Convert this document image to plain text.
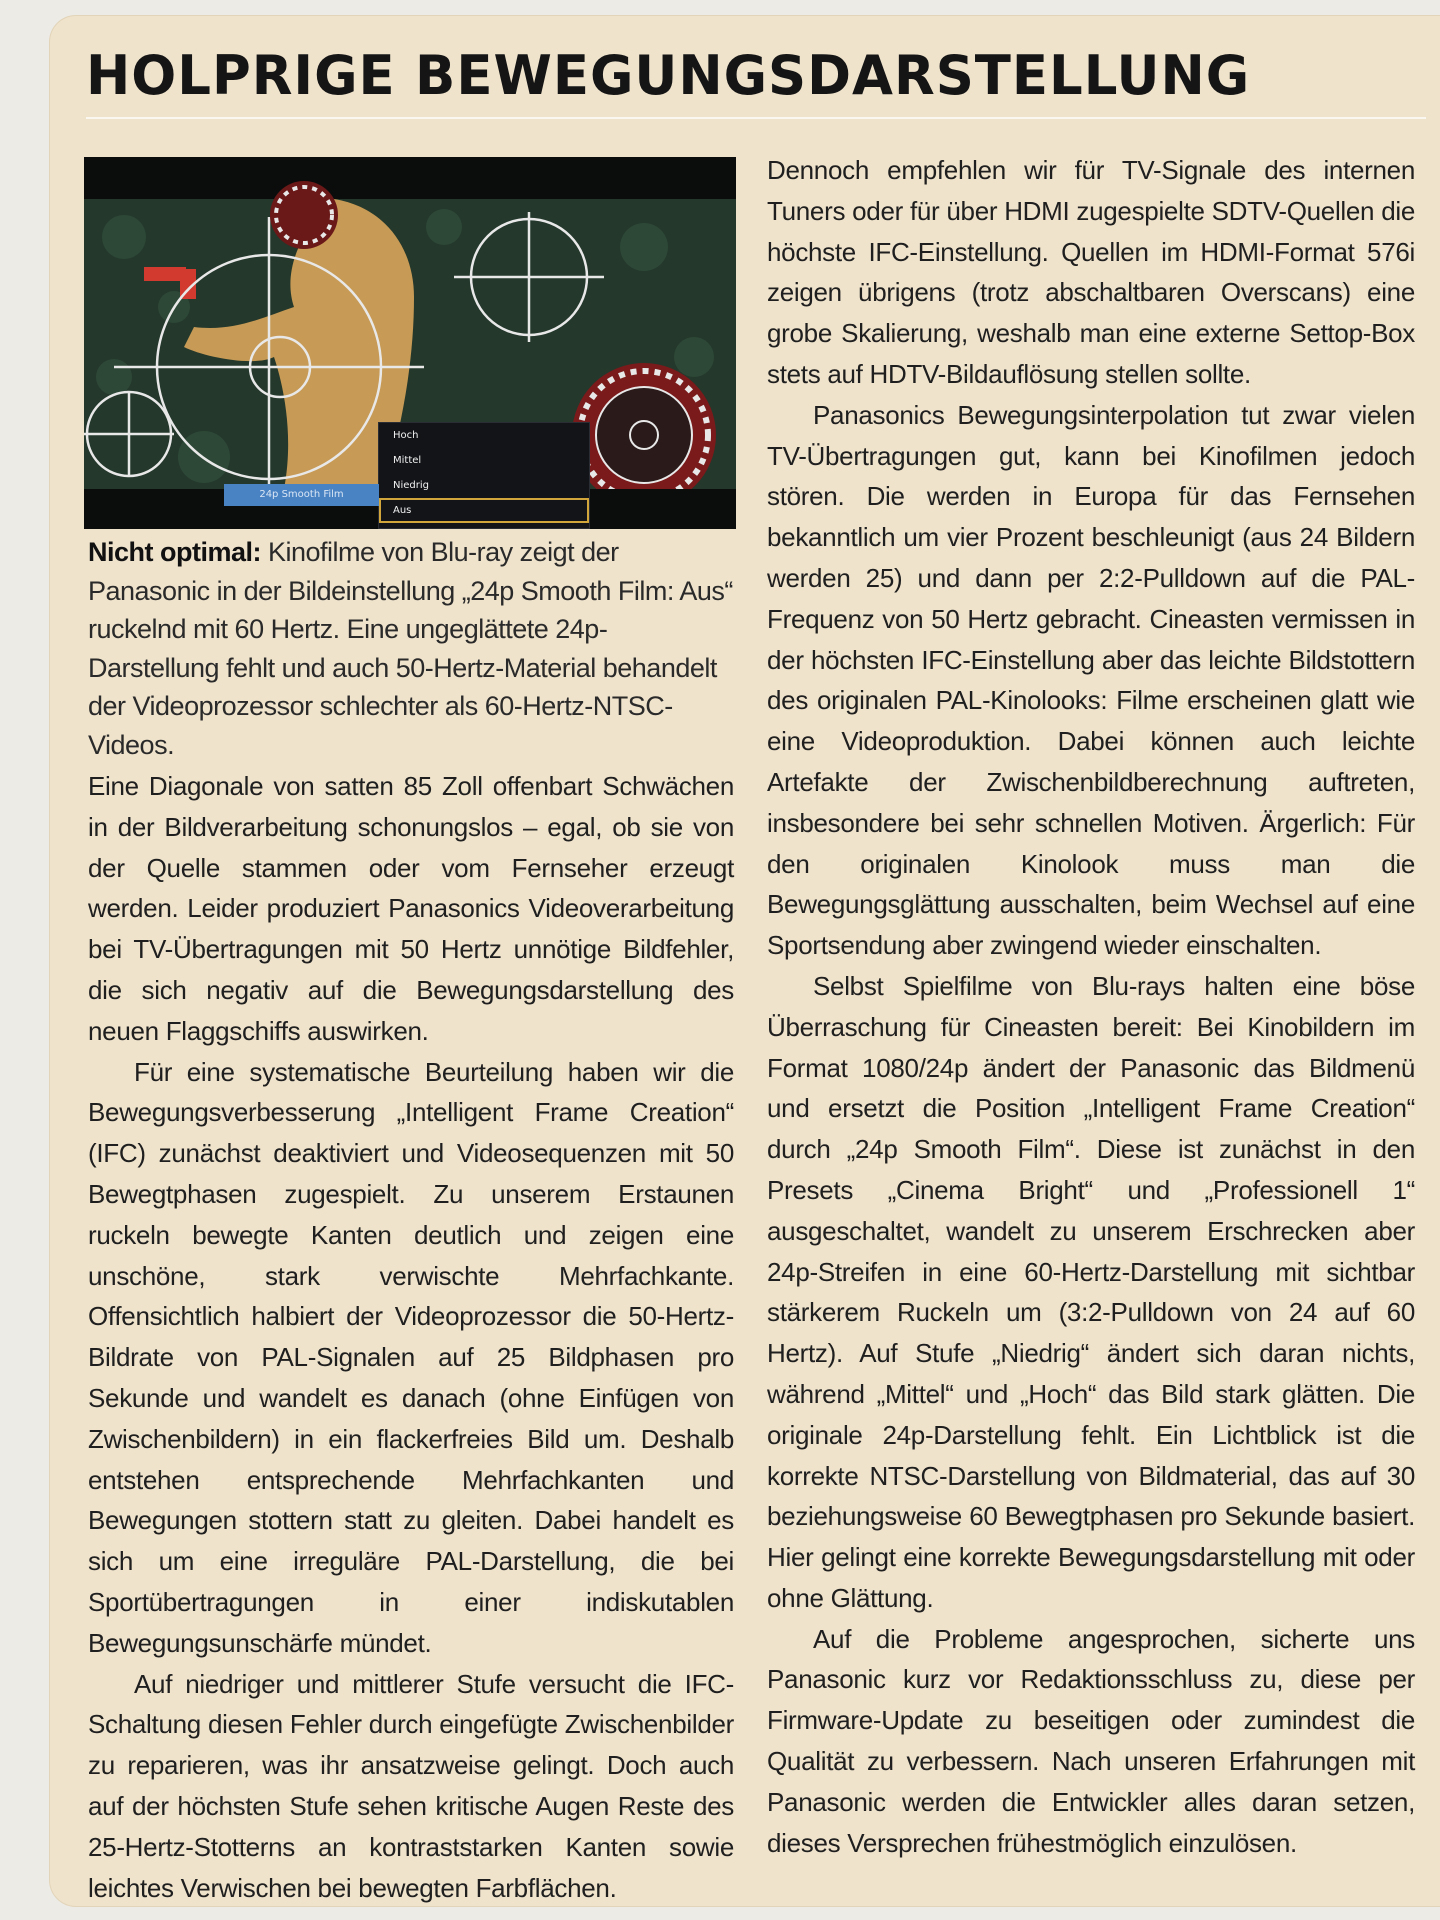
HOLPRIGE BEWEGUNGSDARSTELLUNG
Hoch
Mittel
Niedrig
Aus
24p Smooth Film
Nicht optimal: Kinofilme von Blu-ray zeigt der Panasonic in der Bildeinstellung „24p Smooth Film: Aus“ ruckelnd mit 60 Hertz. Eine ungeglättete 24p-Darstellung fehlt und auch 50-Hertz-Material behandelt der Videoprozessor schlechter als 60-Hertz-NTSC-Videos.

Eine Diagonale von satten 85 Zoll offenbart Schwächen in der Bildverarbeitung schonungslos – egal, ob sie von der Quelle stammen oder vom Fernseher erzeugt werden. Leider produziert Panasonics Videoverarbeitung bei TV-Übertragungen mit 50 Hertz unnötige Bildfehler, die sich negativ auf die Bewegungsdarstellung des neuen Flaggschiffs auswirken.

Für eine systematische Beurteilung haben wir die Bewegungsverbesserung „Intelligent Frame Creation“ (IFC) zunächst deaktiviert und Videosequenzen mit 50 Bewegtphasen zugespielt. Zu unserem Erstaunen ruckeln bewegte Kanten deutlich und zeigen eine unschöne, stark verwischte Mehrfachkante. Offensichtlich halbiert der Videoprozessor die 50-Hertz-Bildrate von PAL-Signalen auf 25 Bildphasen pro Sekunde und wandelt es danach (ohne Einfügen von Zwischenbildern) in ein flackerfreies Bild um. Deshalb entstehen entsprechende Mehrfachkanten und Bewegungen stottern statt zu gleiten. Dabei handelt es sich um eine irreguläre PAL-Darstellung, die bei Sportübertragungen in einer indiskutablen Bewegungsunschärfe mündet.

Auf niedriger und mittlerer Stufe versucht die IFC-Schaltung diesen Fehler durch eingefügte Zwischenbilder zu reparieren, was ihr ansatzweise gelingt. Doch auch auf der höchsten Stufe sehen kritische Augen Reste des 25-Hertz-Stotterns an kontraststarken Kanten sowie leichtes Verwischen bei bewegten Farbflächen.

Dennoch empfehlen wir für TV-Signale des internen Tuners oder für über HDMI zugespielte SDTV-Quellen die höchste IFC-Einstellung. Quellen im HDMI-Format 576i zeigen übrigens (trotz abschaltbaren Overscans) eine grobe Skalierung, weshalb man eine externe Settop-Box stets auf HDTV-Bildauflösung stellen sollte.

Panasonics Bewegungsinterpolation tut zwar vielen TV-Übertragungen gut, kann bei Kinofilmen jedoch stören. Die werden in Europa für das Fernsehen bekanntlich um vier Prozent beschleunigt (aus 24 Bildern werden 25) und dann per 2:2-Pulldown auf die PAL-Frequenz von 50 Hertz gebracht. Cineasten vermissen in der höchsten IFC-Einstellung aber das leichte Bildstottern des originalen PAL-Kinolooks: Filme erscheinen glatt wie eine Videoproduktion. Dabei können auch leichte Artefakte der Zwischenbildberechnung auftreten, insbesondere bei sehr schnellen Motiven. Ärgerlich: Für den originalen Kinolook muss man die Bewegungsglättung ausschalten, beim Wechsel auf eine Sportsendung aber zwingend wieder einschalten.

Selbst Spielfilme von Blu-rays halten eine böse Überraschung für Cineasten bereit: Bei Kinobildern im Format 1080/24p ändert der Panasonic das Bildmenü und ersetzt die Position „Intelligent Frame Creation“ durch „24p Smooth Film“. Diese ist zunächst in den Presets „Cinema Bright“ und „Professionell 1“ ausgeschaltet, wandelt zu unserem Erschrecken aber 24p-Streifen in eine 60-Hertz-Darstellung mit sichtbar stärkerem Ruckeln um (3:2-Pulldown von 24 auf 60 Hertz). Auf Stufe „Niedrig“ ändert sich daran nichts, während „Mittel“ und „Hoch“ das Bild stark glätten. Die originale 24p-Darstellung fehlt. Ein Lichtblick ist die korrekte NTSC-Darstellung von Bildmaterial, das auf 30 beziehungsweise 60 Bewegtphasen pro Sekunde basiert. Hier gelingt eine korrekte Bewegungsdarstellung mit oder ohne Glättung.

Auf die Probleme angesprochen, sicherte uns Panasonic kurz vor Redaktionsschluss zu, diese per Firmware-Update zu beseitigen oder zumindest die Qualität zu verbessern. Nach unseren Erfahrungen mit Panasonic werden die Entwickler alles daran setzen, dieses Versprechen frühestmöglich einzulösen.
